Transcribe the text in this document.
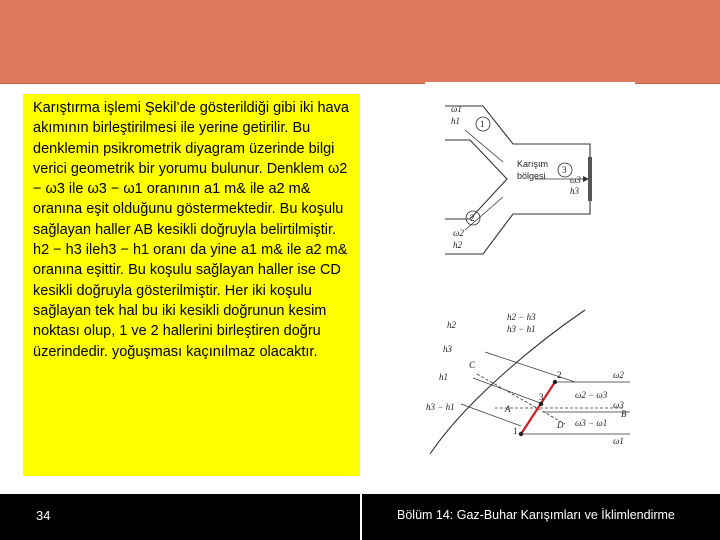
Karıştırma işlemi Şekil’de gösterildiği gibi iki hava akımının birleştirilmesi ile yerine getirilir. Bu denklemin psikrometrik diyagram üzerinde bilgi verici geometrik bir yorumu bulunur. Denklem ω2 − ω3 ile ω3 − ω1 oranının a1 m& ile a2 m& oranına eşit olduğunu göstermektedir. Bu koşulu sağlayan haller AB kesikli doğruyla belirtilmiştir. h2 − h3 ileh3 − h1 oranı da yine a1 m& ile a2 m& oranına eşittir. Bu koşulu sağlayan haller ise CD kesikli doğruyla gösterilmiştir. Her iki koşulu sağlayan tek hal bu iki kesikli doğrunun kesim noktası olup, 1 ve 2 hallerini birleştiren doğru üzerindedir. yoğuşması kaçınılmaz olacaktır.

1
2
3
ω1
h1
ω2
h2
ω3
h3
Karışım
bölgesi
1
2
3
A	B
C
D
h2
h3
h1
h3 − h1
h2 − h3
h3 − h1
ω2
ω2 − ω3
ω3
ω3 − ω1
ω1
34	Bölüm 14: Gaz-Buhar Karışımları ve İklimlendirme
